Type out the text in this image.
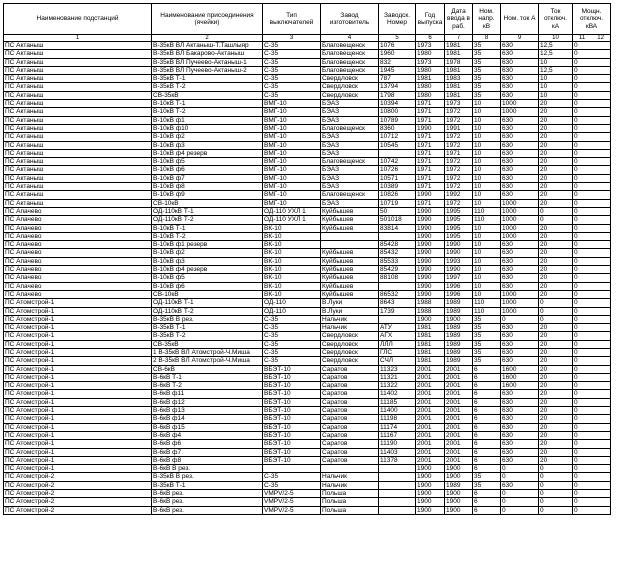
Наименование подстанций	Наименование присоединения (ячейки)	Тип выключателей	Завод изготовитель	Заводск. Номер	Год выпуска	Дата ввода в раб.	Ном. напр. кВ	Ном. ток А	Ток отключ. кА	Мощн. отключ. кВА
1	2	3	4	5	6	7	8	9	10	11 12
ПС Актаныш	В-35кВ ВЛ Актаныш-Т.Ташлыяр	С-35	Благовещенск	1076	1973	1981	35	630	12,5	0
ПС Актаныш	В-35кВ ВЛ Бакарово-Актаныш	С-35	Благовещенск	1960	1980	1981	35	630	12,5	0
ПС Актаныш	В-35кВ ВЛ Пучеево-Актаныш-1	С-35	Благовещенск	832	1973	1978	35	630	10	0
ПС Актаныш	В-35кВ ВЛ Пучеево-Актаныш-2	С-35	Благовещенск	1945	1980	1981	35	630	12,5	0
ПС Актаныш	В-35кВ Т-1	С-35	Свердловск	787	1981	1983	35	630	10	0
ПС Актаныш	В-35кВ Т-2	С-35	Свердловск	13794	1980	1981	35	630	10	0
ПС Актаныш	СВ-35кВ	С-35	Свердловск	1798	1980	1981	35	630	10	0
ПС Актаныш	В-10кВ Т-1	ВМГ-10	БЭАЗ	10394	1971	1973	10	1000	20	0
ПС Актаныш	В-10кВ Т-2	ВМГ-10	БЭАЗ	10800	1971	1972	10	1000	20	0
ПС Актаныш	В-10кВ ф1	ВМГ-10	БЭАЗ	10789	1971	1972	10	630	20	0
ПС Актаныш	В-10кВ ф10	ВМГ-10	Благовещенск	8360	1990	1991	10	630	20	0
ПС Актаныш	В-10кВ ф2	ВМГ-10	БЭАЗ	10712	1971	1972	10	630	20	0
ПС Актаныш	В-10кВ ф3	ВМГ-10	БЭАЗ	10545	1971	1972	10	630	20	0
ПС Актаныш	В-10кВ ф4 резерв	ВМГ-10	БЭАЗ		1971	1971	10	630	20	0
ПС Актаныш	В-10кВ ф5	ВМГ-10	Благовещенск	10742	1971	1972	10	630	20	0
ПС Актаныш	В-10кВ ф6	ВМГ-10	БЭАЗ	10726	1971	1972	10	630	20	0
ПС Актаныш	В-10кВ ф7	ВМГ-10	БЭАЗ	10571	1971	1972	10	630	20	0
ПС Актаныш	В-10кВ ф8	ВМГ-10	БЭАЗ	10389	1971	1972	10	630	20	0
ПС Актаныш	В-10кВ ф9	ВМГ-10	Благовещенск	10826	1990	1992	10	630	20	0
ПС Актаныш	СВ-10кВ	ВМГ-10	БЭАЗ	10719	1971	1972	10	1000	20	0
ПС Апачево	ОД-110кВ Т-1	ОД-110 УХЛ 1	Куйбышев	50	1990	1995	110	1000	0	0
ПС Апачево	ОД-110кВ Т-2	ОД-110 УХЛ 1	Куйбышев	501018	1990	1995	110	1000	0	0
ПС Апачево	В-10кВ Т-1	ВК-10	Куйбышев	83814	1990	1995	10	1000	20	0
ПС Апачево	В-10кВ Т-2	ВК-10			1990	1995	10	1000	20	0
ПС Апачево	В-10кВ ф1 резерв	ВК-10		85428	1990	1990	10	630	20	0
ПС Апачево	В-10кВ ф2	ВК-10	Куйбышев	85432	1990	1990	10	630	20	0
ПС Апачево	В-10кВ ф3	ВК-10	Куйбышев	85533	1990	1993	10	630	20	0
ПС Апачево	В-10кВ ф4 резерв	ВК-10	Куйбышев	85429	1990	1990	10	630	20	0
ПС Апачево	В-10кВ ф5	ВК-10	Куйбышев	88108	1990	1997	10	630	20	0
ПС Апачево	В-10кВ ф6	ВК-10	Куйбышев		1990	1996	10	630	20	0
ПС Апачево	СВ-10кВ	ВК-10	Куйбышев	86532	1990	1996	10	1000	20	0
ПС Атомстрой-1	ОД-110кВ Т-1	ОД-110	В.Луки	8643	1988	1989	110	1000	0	0
ПС Атомстрой-1	ОД-110кВ Т-2	ОД-110	В.Луки	1739	1988	1989	110	1000	0	0
ПС Атомстрой-1	В-35кВ В рез.	С-35	Нальчик		1900	1900	35	0	0	0
ПС Атомстрой-1	В-35кВ Т-1	С-35	Нальчик	АТУ	1981	1989	35	630	20	0
ПС Атомстрой-1	В-35кВ Т-2	С-35	Свердловск	АГХ	1981	1989	35	630	20	0
ПС Атомстрой-1	СВ-35кВ	С-35	Свердловск	ЛЛЛ	1981	1989	35	630	20	0
ПС Атомстрой-1	1 В-35кВ ВЛ Атомстрой-Ч.Миша	С-35	Свердловск	ГЛС	1981	1989	35	630	20	0
ПС Атомстрой-1	2 В-35кВ ВЛ Атомстрой-Ч.Миша	С-35	Свердловск	СЧЛ	1981	1989	35	630	20	0
ПС Атомстрой-1	СВ-6кВ	ВБЭТ-10	Саратов	11323	2001	2001	6	1600	20	0
ПС Атомстрой-1	В-6кВ Т-1	ВБЭТ-10	Саратов	11321	2001	2001	6	1600	20	0
ПС Атомстрой-1	В-6кВ Т-2	ВБЭТ-10	Саратов	11322	2001	2001	6	1600	20	0
ПС Атомстрой-1	В-6кВ ф11	ВБЭТ-10	Саратов	11402	2001	2001	6	630	20	0
ПС Атомстрой-1	В-6кВ ф12	ВБЭТ-10	Саратов	11185	2001	2001	6	630	20	0
ПС Атомстрой-1	В-6кВ ф13	ВБЭТ-10	Саратов	11400	2001	2001	6	630	20	0
ПС Атомстрой-1	В-6кВ ф14	ВБЭТ-10	Саратов	11198	2001	2001	6	630	20	0
ПС Атомстрой-1	В-6кВ ф15	ВБЭТ-10	Саратов	11174	2001	2001	6	630	20	0
ПС Атомстрой-1	В-6кВ ф4	ВБЭТ-10	Саратов	11167	2001	2001	6	630	20	0
ПС Атомстрой-1	В-6кВ ф6	ВБЭТ-10	Саратов	11190	2001	2001	6	630	20	0
ПС Атомстрой-1	В-6кВ ф7	ВБЭТ-10	Саратов	11403	2001	2001	6	630	20	0
ПС Атомстрой-1	В-6кВ ф8	ВБЭТ-10	Саратов	11378	2001	2001	6	630	20	0
ПС Атомстрой-1	В-6кВ В рез.				1900	1900	6	0	0	0
ПС Атомстрой-2	В-35кВ В рез.	С-35	Нальчик		1900	1900	35	0	0	0
ПС Атомстрой-2	В-35кВ Т-1	С-35	Нальчик		1900	1989	35	630	0	0
ПС Атомстрой-2	В-6кВ рез.	VMPV/2-5	Польша		1900	1900	6	0	0	0
ПС Атомстрой-2	В-6кВ рез.	VMPV/2-5	Польша		1900	1900	6	0	0	0
ПС Атомстрой-2	В-6кВ рез.	VMPV/2-5	Польша		1900	1900	6	0	0	0
